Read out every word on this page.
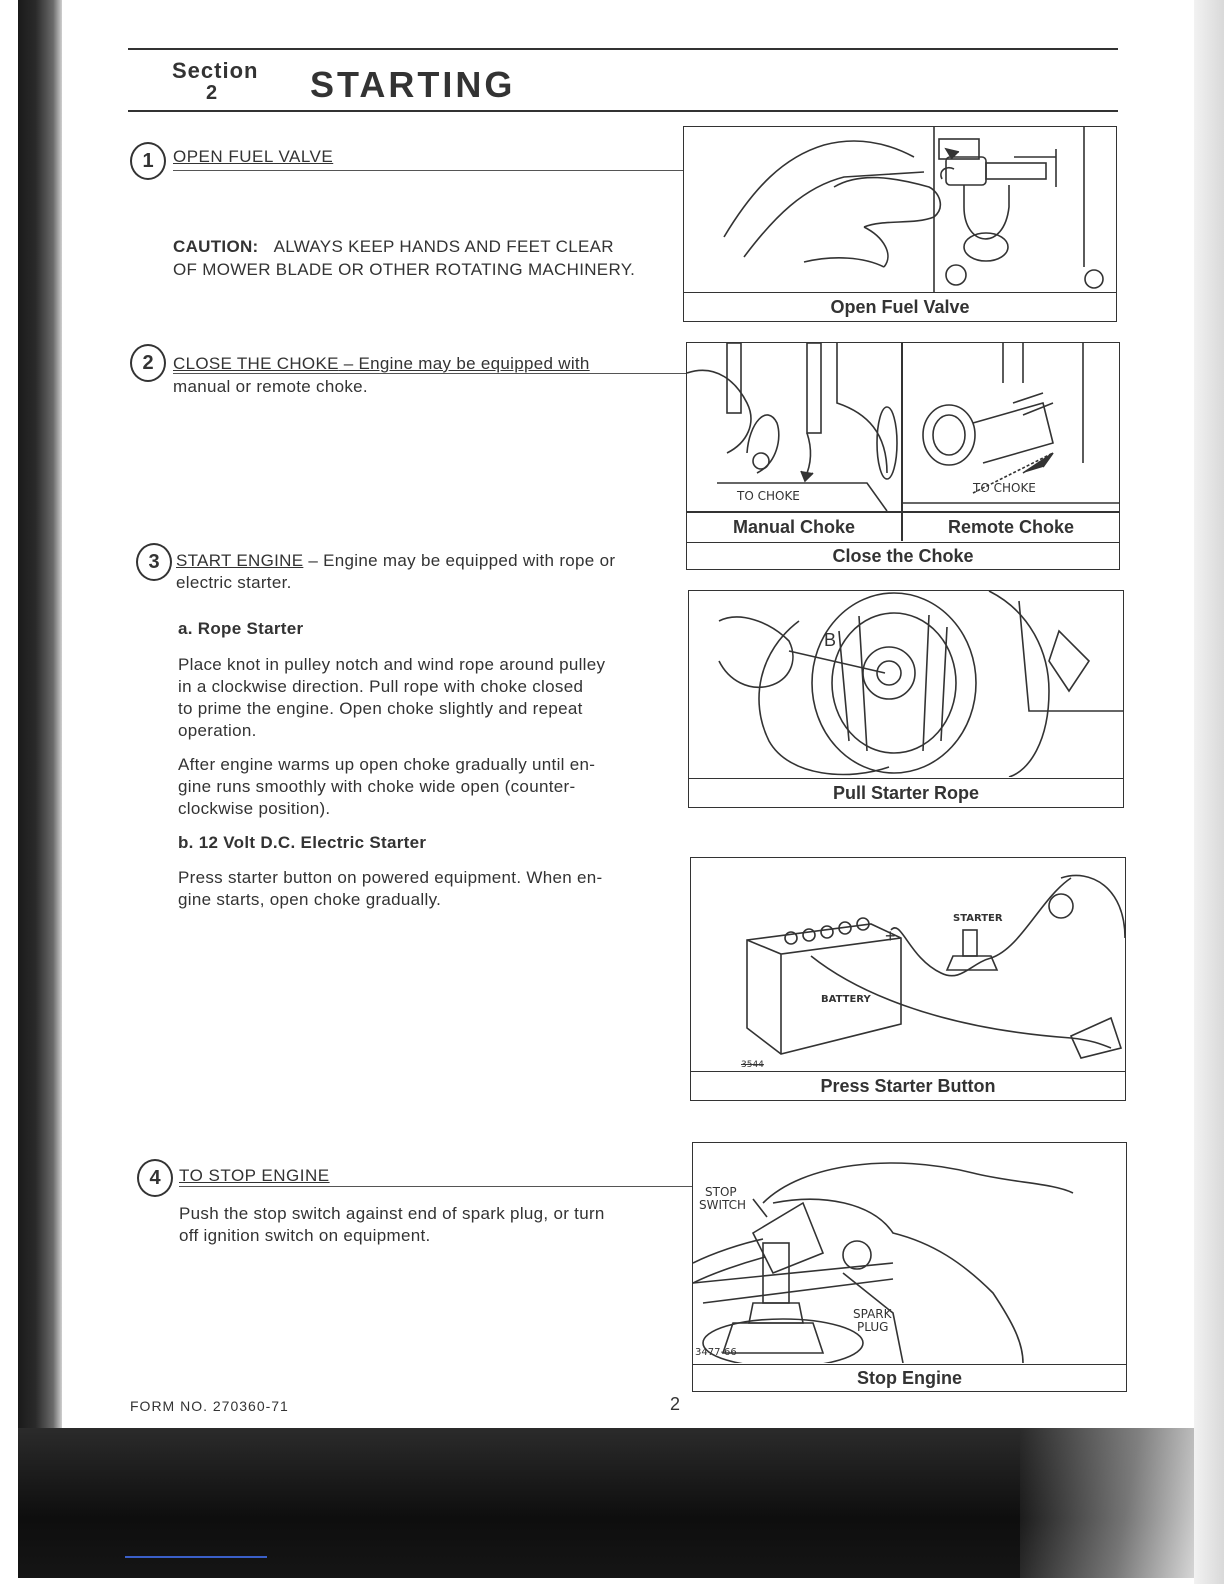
Section
2	STARTING
1	OPEN FUEL VALVE
CAUTION: ALWAYS KEEP HANDS AND FEET CLEAR
OF MOWER BLADE OR OTHER ROTATING MACHINERY.
Open Fuel Valve
2	CLOSE THE CHOKE – Engine may be equipped with
manual or remote choke.
TO CHOKE
TO CHOKE
Manual Choke	Remote Choke
Close the Choke
3 START ENGINE – Engine may be equipped with rope or
electric starter.
a. Rope Starter
Place knot in pulley notch and wind rope around pulley
in a clockwise direction. Pull rope with choke closed
to prime the engine. Open choke slightly and repeat
operation.
After engine warms up open choke gradually until en-
gine runs smoothly with choke wide open (counter-
clockwise position).
b. 12 Volt D.C. Electric Starter
Press starter button on powered equipment. When en-
gine starts, open choke gradually.
B
Pull Starter Rope
+
STARTER
BATTERY
3544
Press Starter Button
4	TO STOP ENGINE
Push the stop switch against end of spark plug, or turn
off ignition switch on equipment.
STOP
SWITCH
SPARK
PLUG
3477-66
Stop Engine
FORM NO. 270360-71	2
